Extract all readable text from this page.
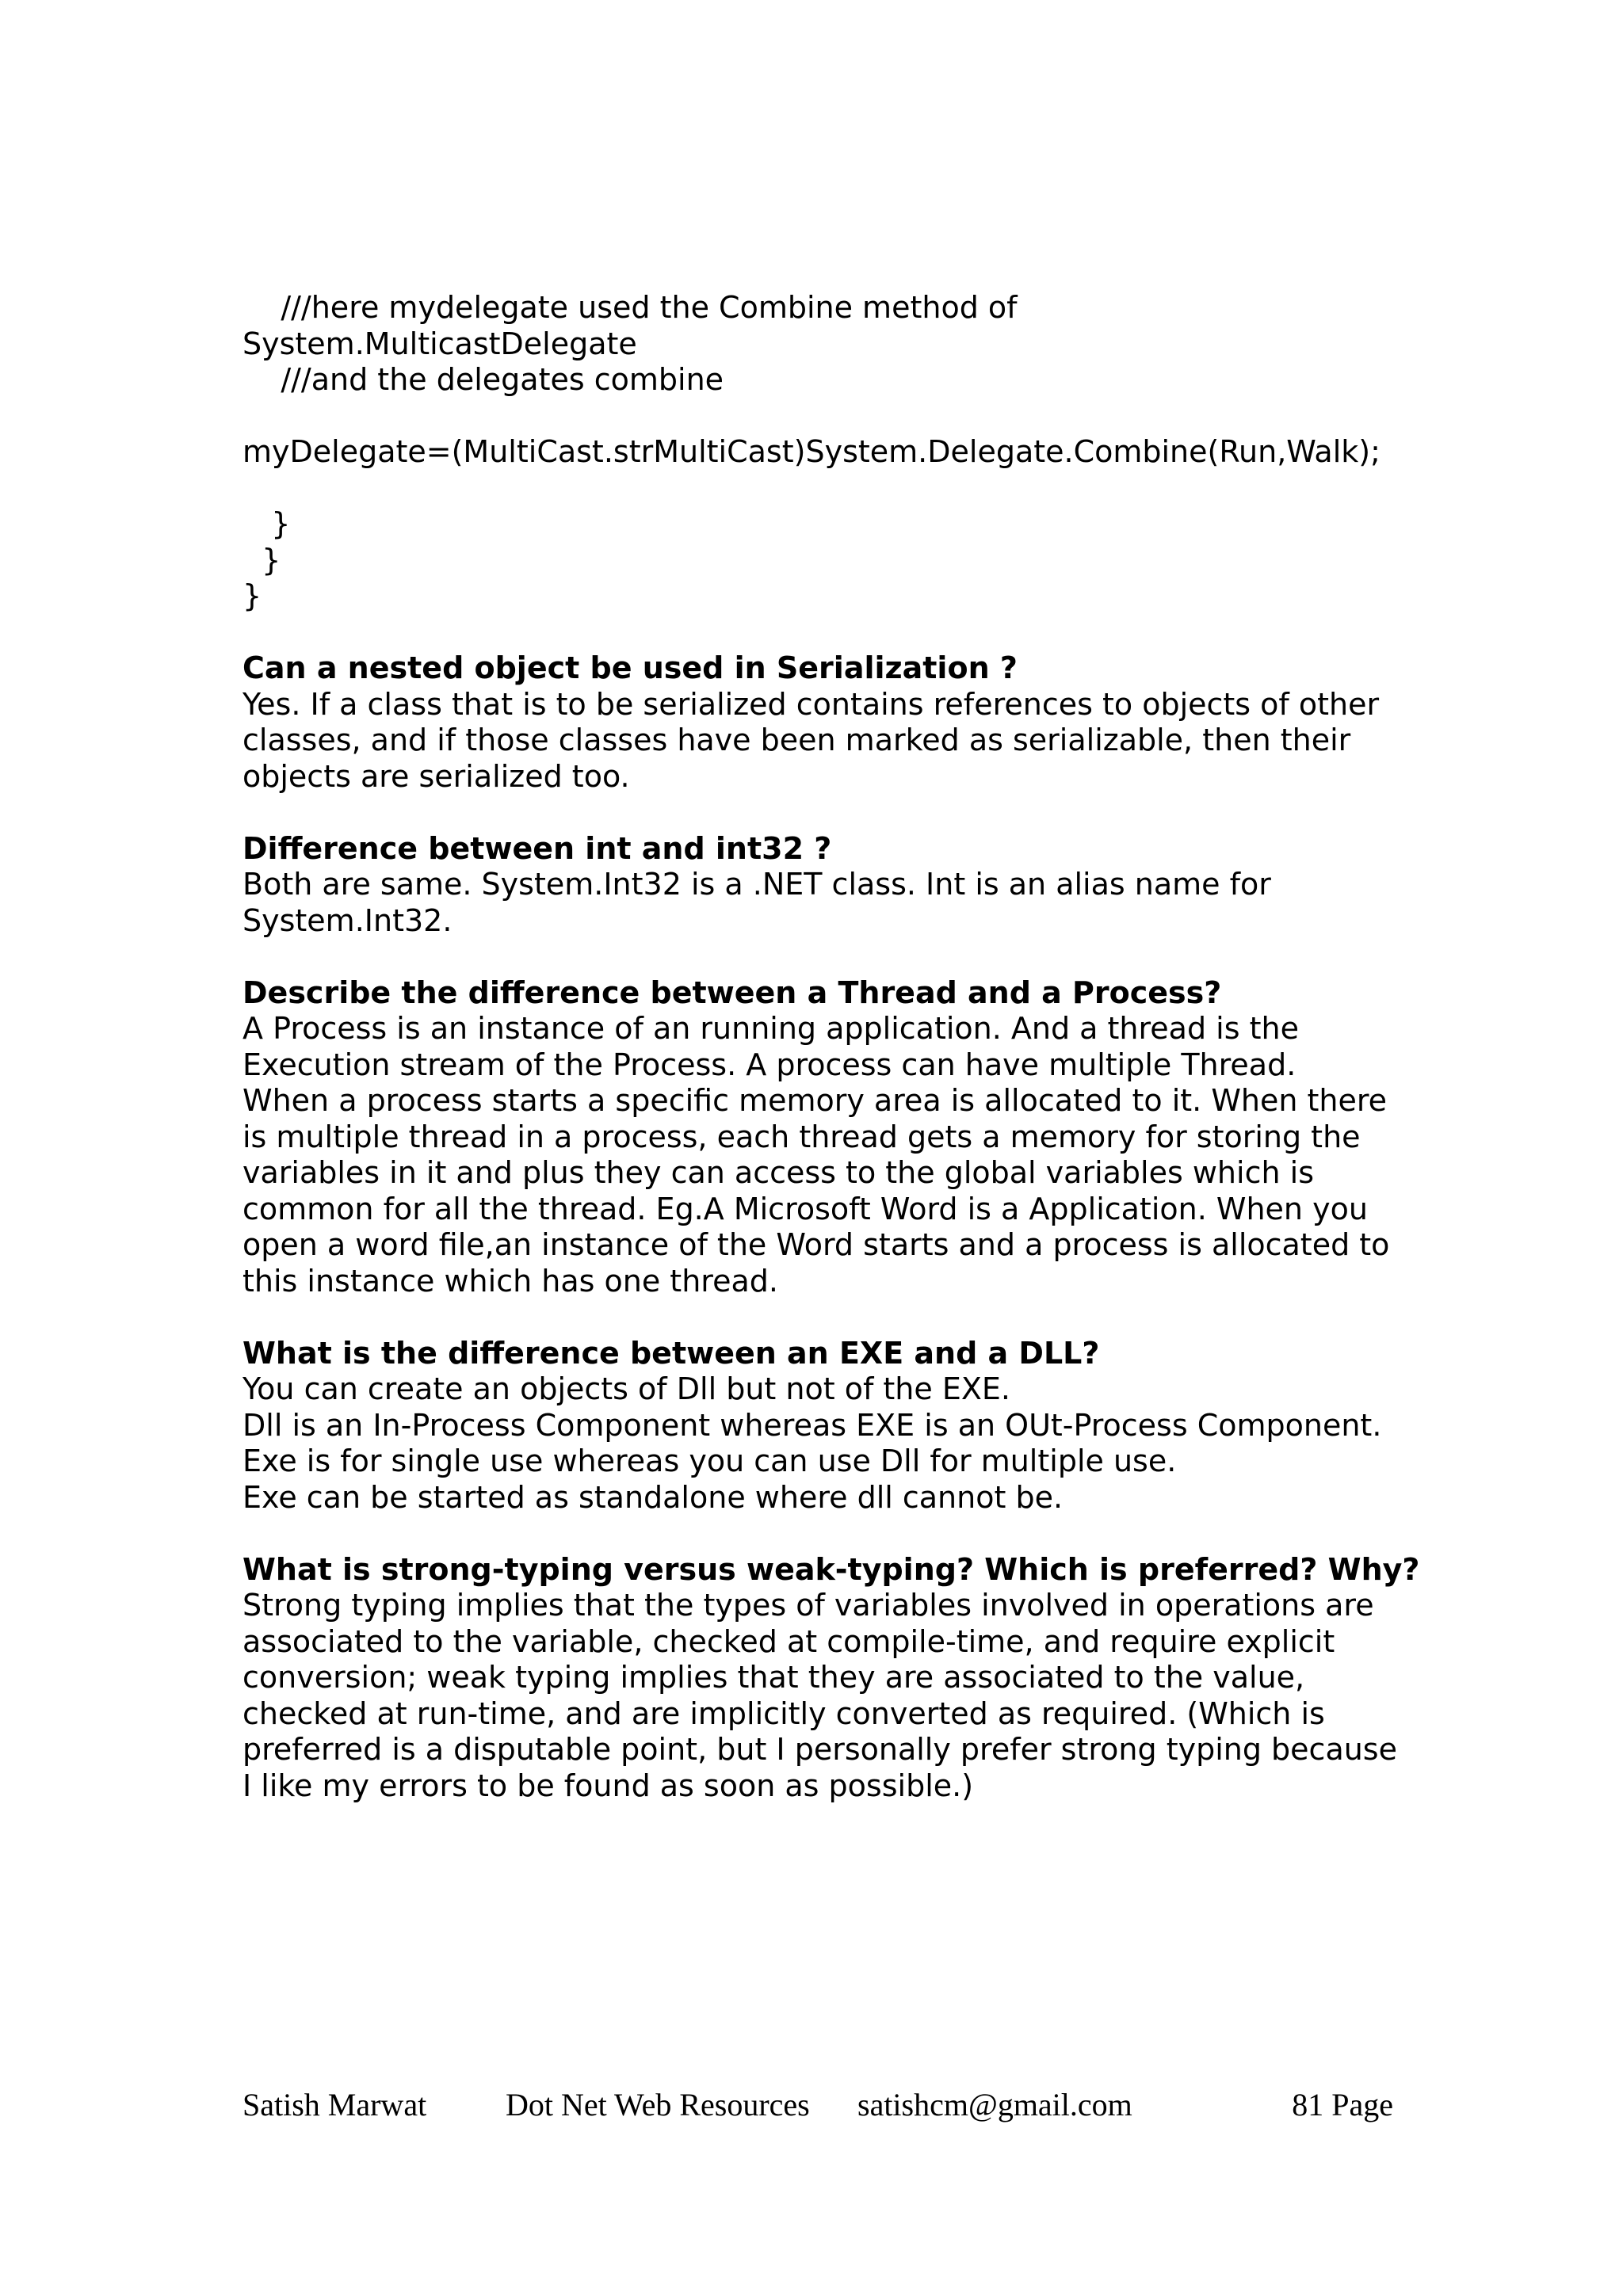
///here mydelegate used the Combine method of
System.MulticastDelegate
///and the delegates combine
myDelegate=(MultiCast.strMultiCast)System.Delegate.Combine(Run,Walk);
}
}
}
Can a nested object be used in Serialization ?
Yes. If a class that is to be serialized contains references to objects of other
classes, and if those classes have been marked as serializable, then their
objects are serialized too.
Difference between int and int32 ?
Both are same. System.Int32 is a .NET class. Int is an alias name for
System.Int32.
Describe the difference between a Thread and a Process?
A Process is an instance of an running application. And a thread is the
Execution stream of the Process. A process can have multiple Thread.
When a process starts a specific memory area is allocated to it. When there
is multiple thread in a process, each thread gets a memory for storing the
variables in it and plus they can access to the global variables which is
common for all the thread. Eg.A Microsoft Word is a Application. When you
open a word file,an instance of the Word starts and a process is allocated to
this instance which has one thread.
What is the difference between an EXE and a DLL?
You can create an objects of Dll but not of the EXE.
Dll is an In-Process Component whereas EXE is an OUt-Process Component.
Exe is for single use whereas you can use Dll for multiple use.
Exe can be started as standalone where dll cannot be.
What is strong-typing versus weak-typing? Which is preferred? Why?
Strong typing implies that the types of variables involved in operations are
associated to the variable, checked at compile-time, and require explicit
conversion; weak typing implies that they are associated to the value,
checked at run-time, and are implicitly converted as required. (Which is
preferred is a disputable point, but I personally prefer strong typing because
I like my errors to be found as soon as possible.)
Satish Marwat Dot Net Web Resources satishcm@gmail.com	81 Page
